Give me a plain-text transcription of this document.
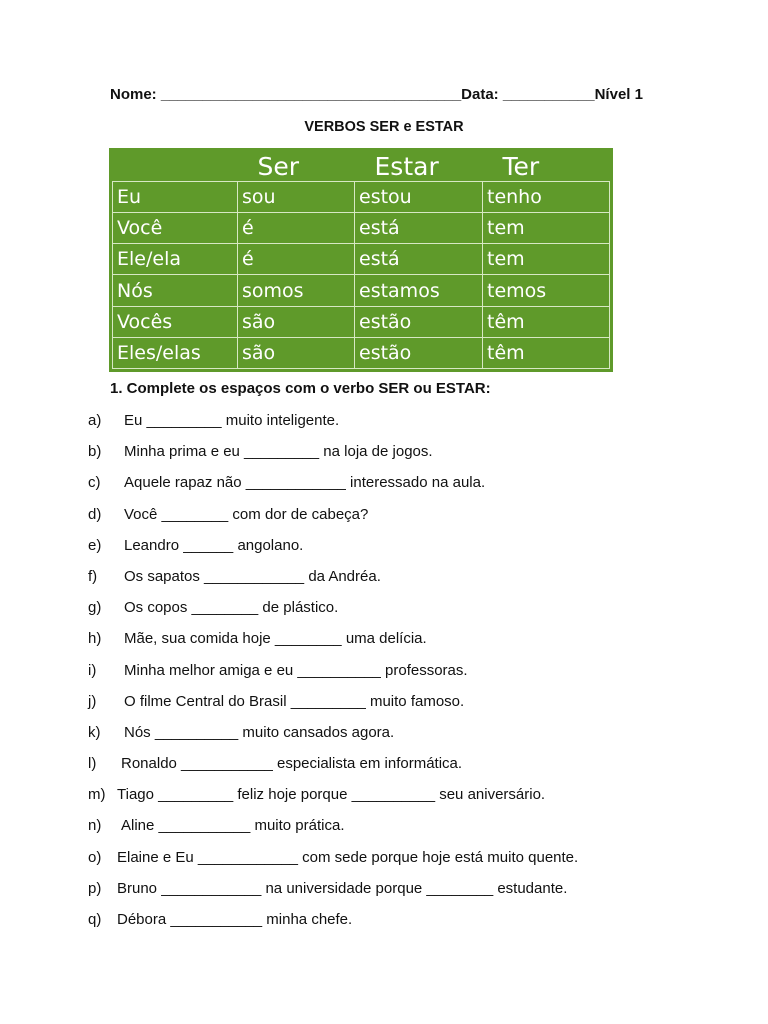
Nome: ____________________________________Data: ___________Nível 1
VERBOS SER e ESTAR
	Ser	Estar	Ter
Eu	sou	estou	tenho
Você	é	está	tem
Ele/ela	é	está	tem
Nós	somos	estamos	temos
Vocês	são	estão	têm
Eles/elas	são	estão	têm
1. Complete os espaços com o verbo SER ou ESTAR:
a) Eu _________ muito inteligente.
b) Minha prima e eu _________ na loja de jogos.
c) Aquele rapaz não ____________ interessado na aula.
d) Você ________ com dor de cabeça?
e) Leandro ______ angolano.
f) Os sapatos ____________ da Andréa.
g) Os copos ________ de plástico.
h) Mãe, sua comida hoje ________ uma delícia.
i) Minha melhor amiga e eu __________ professoras.
j) O filme Central do Brasil _________ muito famoso.
k) Nós __________ muito cansados agora.
l) Ronaldo ___________ especialista em informática.
m) Tiago _________ feliz hoje porque __________ seu aniversário.
n) Aline ___________ muito prática.
o) Elaine e Eu ____________ com sede porque hoje está muito quente.
p) Bruno ____________ na universidade porque ________ estudante.
q) Débora ___________ minha chefe.
